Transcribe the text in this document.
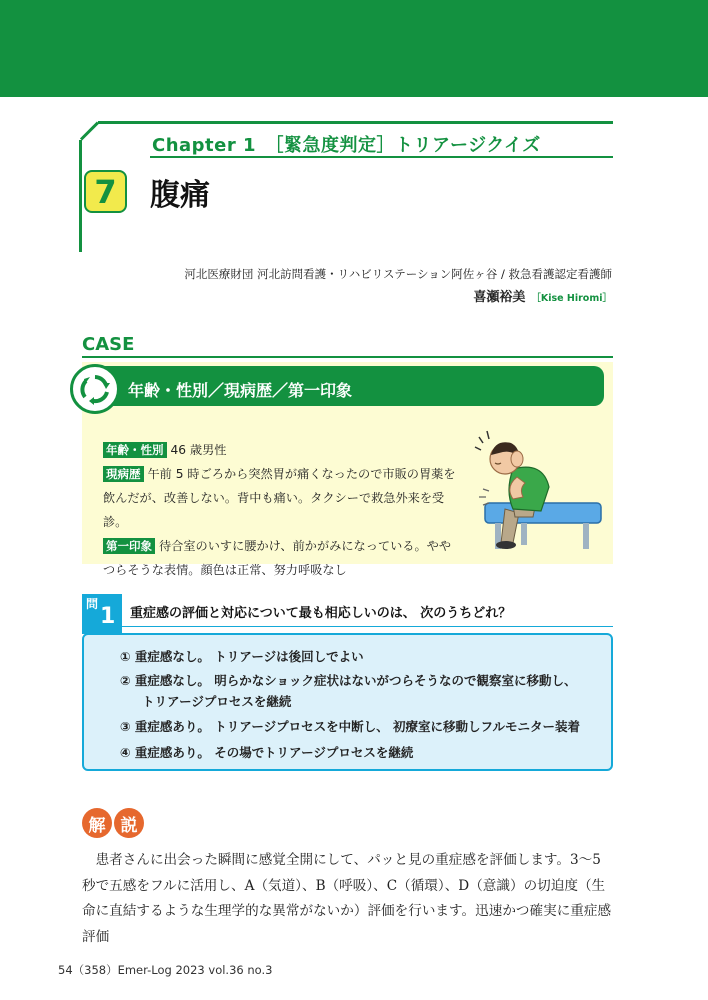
Chapter 1　［緊急度判定］トリアージクイズ
7	腹痛
河北医療財団 河北訪問看護・リハビリステーション阿佐ヶ谷 / 救急看護認定看護師
喜瀬裕美 ［Kise Hiromi］
CASE
年齢・性別／現病歴／第一印象
年齢・性別 46 歳男性
現病歴 午前 5 時ごろから突然胃が痛くなったので市販の胃薬を飲んだが、改善しない。背中も痛い。タクシーで救急外来を受診。
第一印象 待合室のいすに腰かけ、前かがみになっている。ややつらそうな表情。顔色は正常、努力呼吸なし
問 1 重症感の評価と対応について最も相応しいのは、 次のうちどれ？
① 重症感なし。 トリアージは後回しでよい
② 重症感なし。 明らかなショック症状はないがつらそうなので観察室に移動し、
トリアージプロセスを継続
③ 重症感あり。 トリアージプロセスを中断し、 初療室に移動しフルモニター装着
④ 重症感あり。 その場でトリアージプロセスを継続
解 説
患者さんに出会った瞬間に感覚全開にして、パッと見の重症感を評価します。3〜5 秒で五感をフルに活用し、A（気道）、B（呼吸）、C（循環）、D（意識）の切迫度（生命に直結するような生理学的な異常がないか）評価を行います。迅速かつ確実に重症感評価
54（358）Emer-Log 2023 vol.36 no.3
